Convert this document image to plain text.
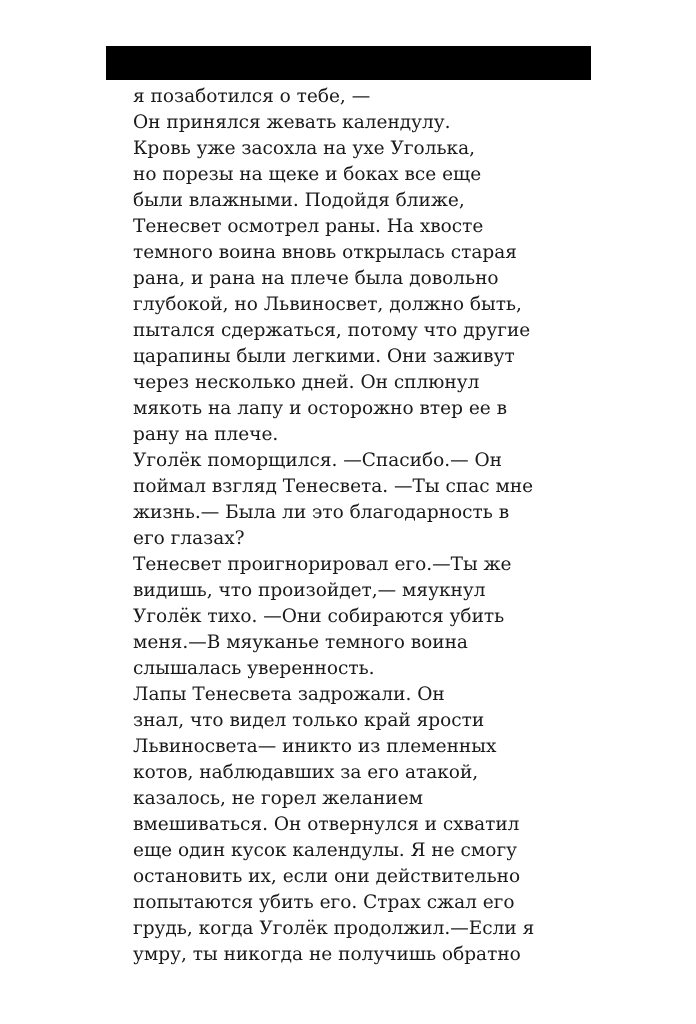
я позаботился о тебе, —
Он принялся жевать календулу.
Кровь уже засохла на ухе Уголька,
но порезы на щеке и боках все еще
были влажными. Подойдя ближе,
Тенесвет осмотрел раны. На хвосте
темного воина вновь открылась старая
рана, и рана на плече была довольно
глубокой, но Львиносвет, должно быть,
пытался сдержаться, потому что другие
царапины были легкими. Они заживут
через несколько дней. Он сплюнул
мякоть на лапу и осторожно втер ее в
рану на плече.
Уголёк поморщился. —Спасибо.— Он
поймал взгляд Тенесвета. —Ты спас мне
жизнь.— Была ли это благодарность в
его глазах?
Тенесвет проигнорировал его.—Ты же
видишь, что произойдет,— мяукнул
Уголёк тихо. —Они собираются убить
меня.—В мяуканье темного воина
слышалась уверенность.
Лапы Тенесвета задрожали. Он
знал, что видел только край ярости
Львиносвета— иникто из племенных
котов, наблюдавших за его атакой,
казалось, не горел желанием
вмешиваться. Он отвернулся и схватил
еще один кусок календулы. Я не смогу
остановить их, если они действительно
попытаются убить его. Страх сжал его
грудь, когда Уголёк продолжил.—Если я
умру, ты никогда не получишь обратно
